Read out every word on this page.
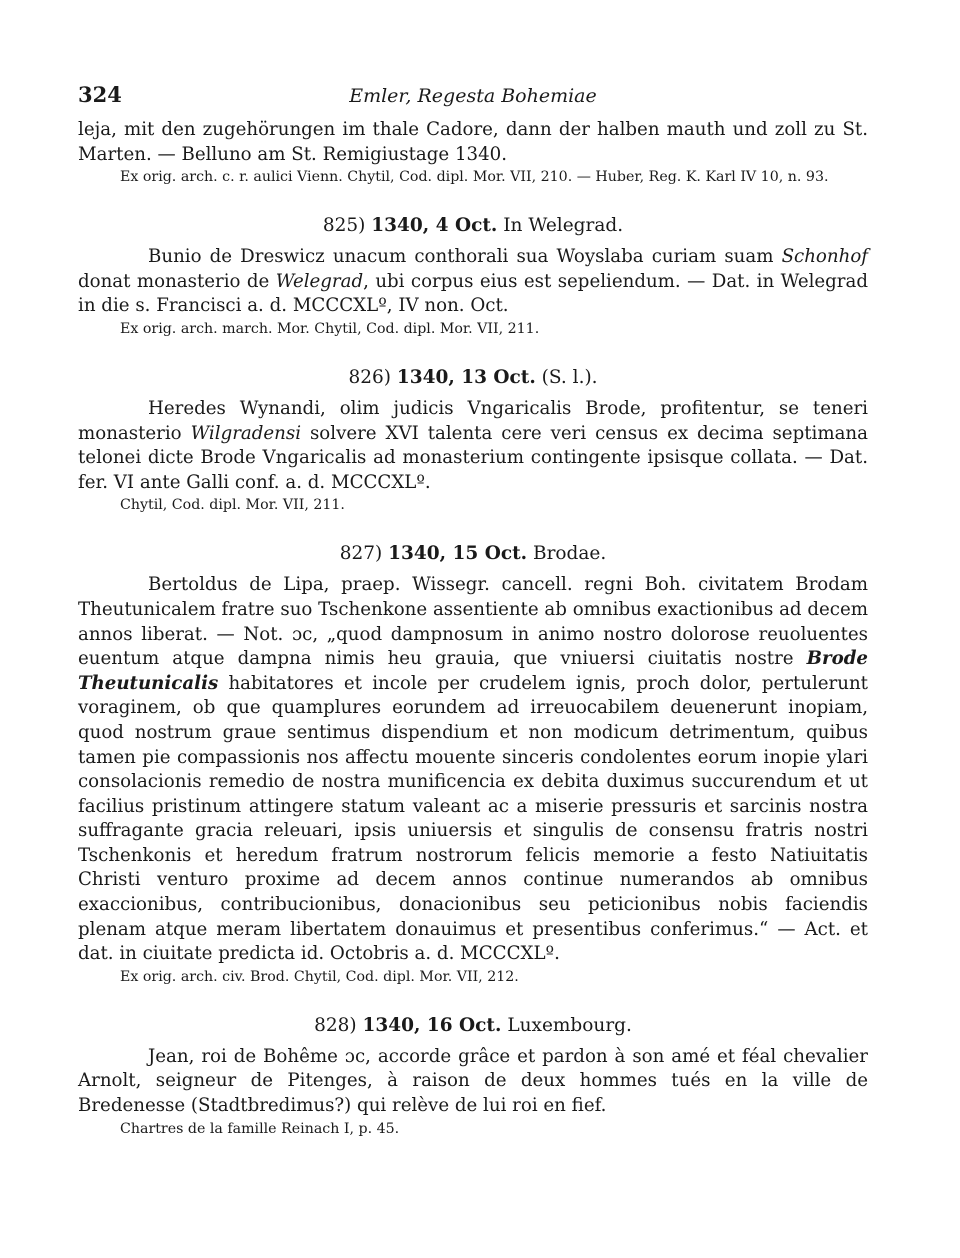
324	Emler, Regesta Bohemiae

leja, mit den zugehörungen im thale Cadore, dann der halben mauth und zoll zu St. Marten. — Belluno am St. Remigiustage 1340.

Ex orig. arch. c. r. aulici Vienn. Chytil, Cod. dipl. Mor. VII, 210. — Huber, Reg. K. Karl IV 10, n. 93.

825) 1340, 4 Oct. In Welegrad.

Bunio de Dreswicz unacum conthorali sua Woyslaba curiam suam Schonhof donat monasterio de Welegrad, ubi corpus eius est sepeliendum. — Dat. in Welegrad in die s. Francisci a. d. MCCCXLº, IV non. Oct.

Ex orig. arch. march. Mor. Chytil, Cod. dipl. Mor. VII, 211.

826) 1340, 13 Oct. (S. l.).

Heredes Wynandi, olim judicis Vngaricalis Brode, profitentur, se teneri monasterio Wilgradensi solvere XVI talenta cere veri census ex decima septimana telonei dicte Brode Vngaricalis ad monasterium contingente ipsisque collata. — Dat. fer. VI ante Galli conf. a. d. MCCCXLº.

Chytil, Cod. dipl. Mor. VII, 211.

827) 1340, 15 Oct. Brodae.

Bertoldus de Lipa, praep. Wissegr. cancell. regni Boh. civitatem Brodam Theutunicalem fratre suo Tschenkone assentiente ab omnibus exactionibus ad decem annos liberat. — Not. ɔc, „quod dampnosum in animo nostro dolorose reuoluentes euentum atque dampna nimis heu grauia, que vniuersi ciuitatis nostre Brode Theutunicalis habitatores et incole per crudelem ignis, proch dolor, pertulerunt voraginem, ob que quamplures eorundem ad irreuocabilem deuenerunt inopiam, quod nostrum graue sentimus dispendium et non modicum detrimentum, quibus tamen pie compassionis nos affectu mouente sinceris condolentes eorum inopie ylari consolacionis remedio de nostra munificencia ex debita duximus succurendum et ut facilius pristinum attingere statum valeant ac a miserie pressuris et sarcinis nostra suffragante gracia releuari, ipsis uniuersis et singulis de consensu fratris nostri Tschenkonis et heredum fratrum nostrorum felicis memorie a festo Natiuitatis Christi venturo proxime ad decem annos continue numerandos ab omnibus exaccionibus, contribucionibus, donacionibus seu peticionibus nobis faciendis plenam atque meram libertatem donauimus et presentibus conferimus.“ — Act. et dat. in ciuitate predicta id. Octobris a. d. MCCCXLº.

Ex orig. arch. civ. Brod. Chytil, Cod. dipl. Mor. VII, 212.

828) 1340, 16 Oct. Luxembourg.

Jean, roi de Bohême ɔc, accorde grâce et pardon à son amé et féal chevalier Arnolt, seigneur de Pitenges, à raison de deux hommes tués en la ville de Bredenesse (Stadtbredimus?) qui relève de lui roi en fief.

Chartres de la famille Reinach I, p. 45.
